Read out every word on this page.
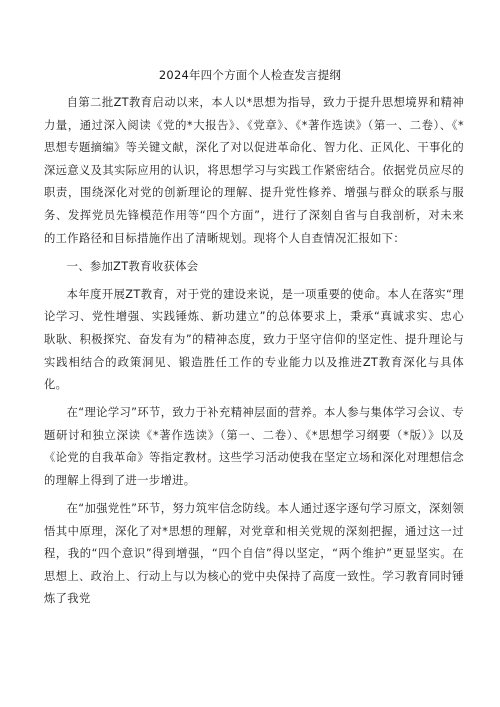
2024年四个方面个人检查发言提纲

自第二批ZT教育启动以来，本人以*思想为指导，致力于提升思想境界和精神力量，通过深入阅读《党的*大报告》、《党章》、《*著作选读》（第一、二卷）、《*思想专题摘编》等关键文献，深化了对以促进革命化、智力化、正风化、干事化的深远意义及其实际应用的认识，将思想学习与实践工作紧密结合。依据党员应尽的职责，围绕深化对党的创新理论的理解、提升党性修养、增强与群众的联系与服务、发挥党员先锋模范作用等“四个方面”，进行了深刻自省与自我剖析，对未来的工作路径和目标措施作出了清晰规划。现将个人自查情况汇报如下：

一、参加ZT教育收获体会

本年度开展ZT教育，对于党的建设来说，是一项重要的使命。本人在落实“理论学习、党性增强、实践锤炼、新功建立”的总体要求上，秉承“真诚求实、忠心耿耿、积极探究、奋发有为”的精神态度，致力于坚守信仰的坚定性、提升理论与实践相结合的政策洞见、锻造胜任工作的专业能力以及推进ZT教育深化与具体化。

在“理论学习”环节，致力于补充精神层面的营养。本人参与集体学习会议、专题研讨和独立深读《*著作选读》（第一、二卷）、《*思想学习纲要（*版）》以及《论党的自我革命》等指定教材。这些学习活动使我在坚定立场和深化对理想信念的理解上得到了进一步增进。

在“加强党性”环节，努力筑牢信念防线。本人通过逐字逐句学习原文，深刻领悟其中原理，深化了对*思想的理解，对党章和相关党规的深刻把握，通过这一过程，我的“四个意识”得到增强，“四个自信”得以坚定，“两个维护”更显坚实。在思想上、政治上、行动上与以为核心的党中央保持了高度一致性。学习教育同时锤炼了我党
